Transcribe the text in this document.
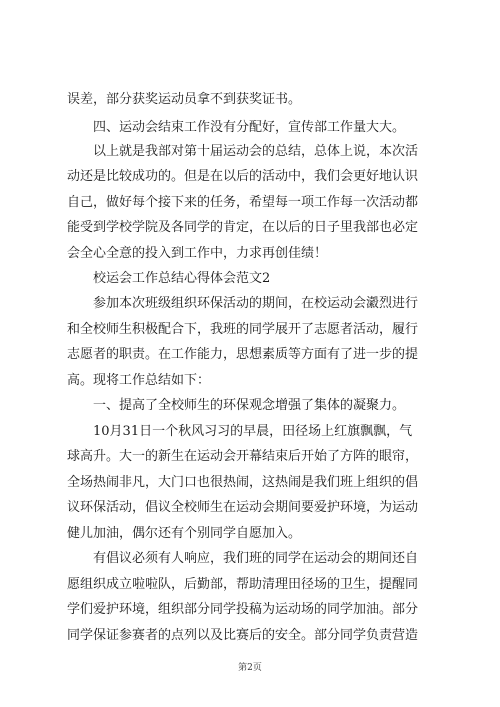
误差，部分获奖运动员拿不到获奖证书。
四、运动会结束工作没有分配好，宣传部工作量大大。
以上就是我部对第十届运动会的总结，总体上说，本次活
动还是比较成功的。但是在以后的活动中，我们会更好地认识
自己，做好每个接下来的任务，希望每一项工作每一次活动都
能受到学校学院及各同学的肯定，在以后的日子里我部也必定
会全心全意的投入到工作中，力求再创佳绩！
校运会工作总结心得体会范文2
参加本次班级组织环保活动的期间，在校运动会瀫烈进行
和全校师生积极配合下，我班的同学展开了志愿者活动，履行
志愿者的职责。在工作能力，思想素质等方面有了进一步的提
高。现将工作总结如下：
一、提高了全校师生的环保观念增强了集体的凝聚力。
10月31日一个秋风习习的早晨，田径场上红旗飘飘，气
球高升。大一的新生在运动会开幕结束后开始了方阵的眼帘，
全场热闹非凡，大门口也很热闹，这热闹是我们班上组织的倡
议环保活动，倡议全校师生在运动会期间要爱护环境，为运动
健儿加油，偶尔还有个别同学自愿加入。
有倡议必须有人响应，我们班的同学在运动会的期间还自
愿组织成立啦啦队，后勤部，帮助清理田径场的卫生，提醒同
学们爱护环境，组织部分同学投稿为运动场的同学加油。部分
同学保证参赛者的点列以及比赛后的安全。部分同学负责营造
第2页
